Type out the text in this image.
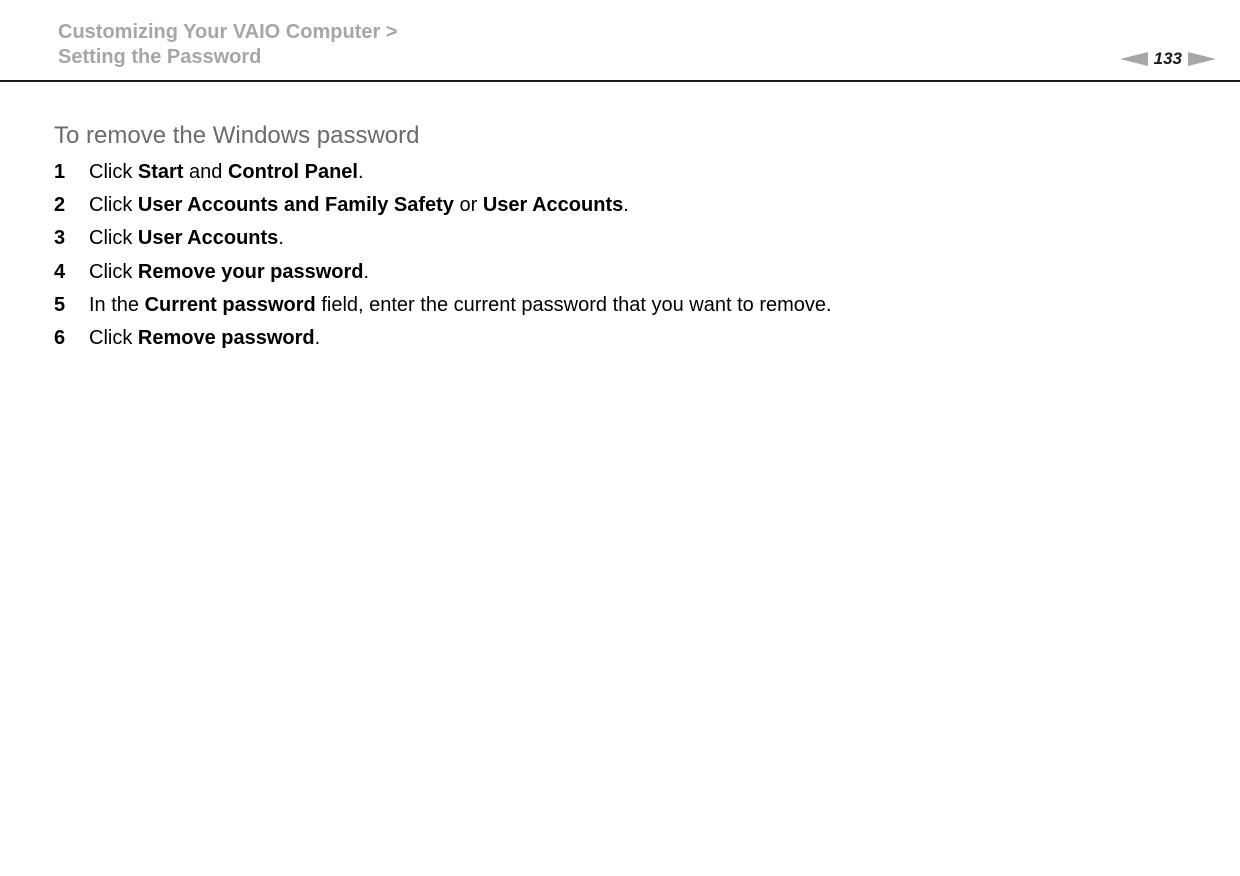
Customizing Your VAIO Computer >
Setting the Password	133
To remove the Windows password
1	Click Start and Control Panel.
2	Click User Accounts and Family Safety or User Accounts.
3	Click User Accounts.
4	Click Remove your password.
5	In the Current password field, enter the current password that you want to remove.
6	Click Remove password.
